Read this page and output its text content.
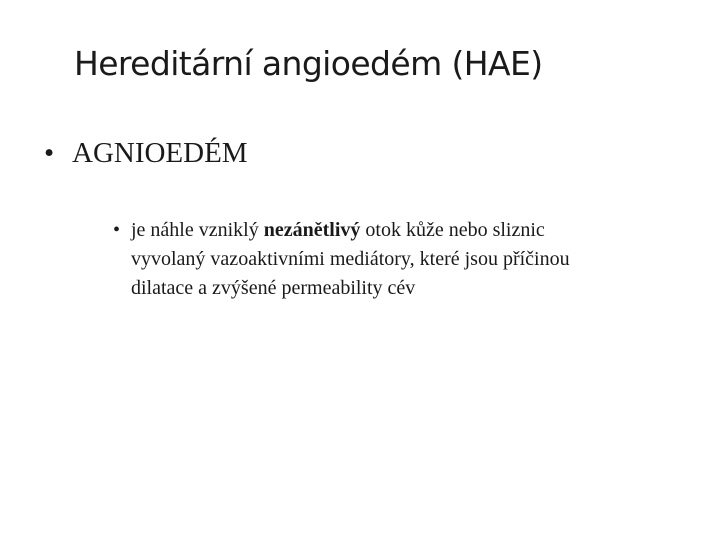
Hereditární angioedém (HAE)
• AGNIOEDÉM
• je náhle vzniklý nezánětlivý otok kůže nebo sliznic
vyvolaný vazoaktivními mediátory, které jsou příčinou
dilatace a zvýšené permeability cév
